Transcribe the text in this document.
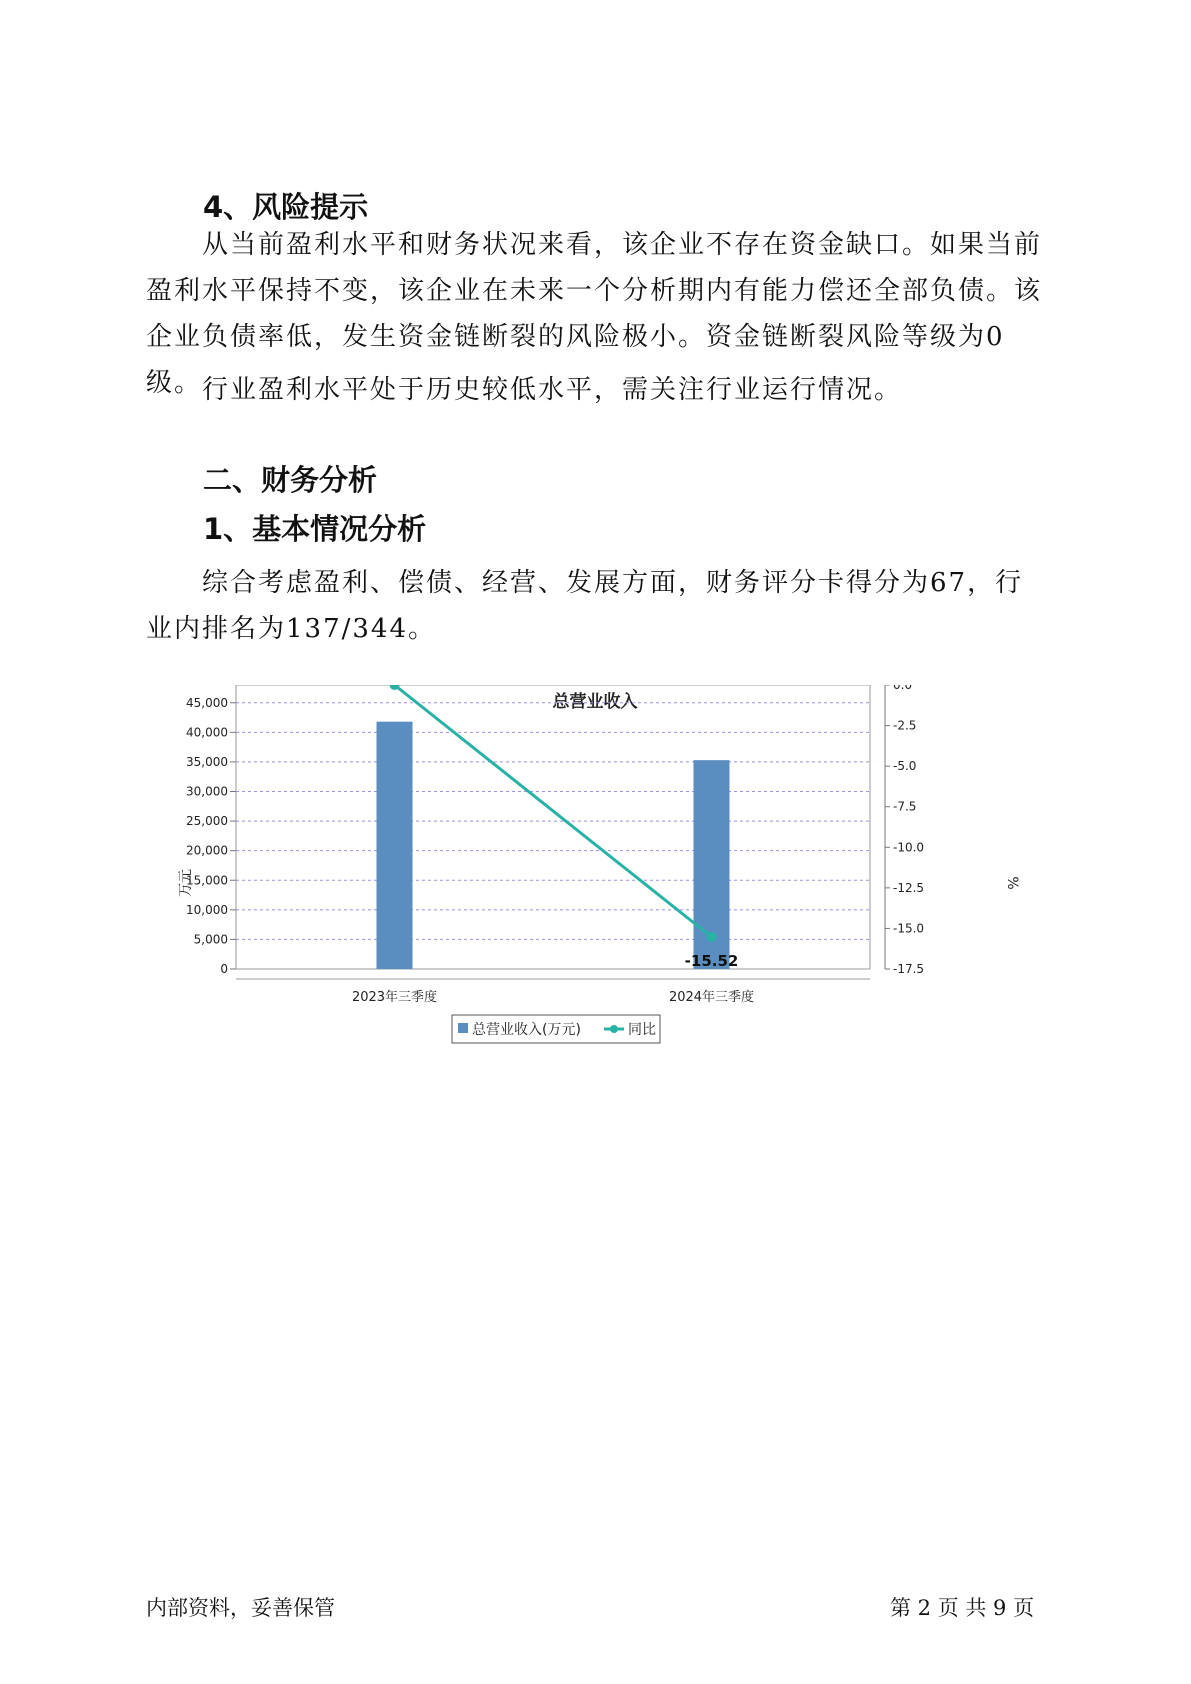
4、风险提示

从当前盈利水平和财务状况来看，该企业不存在资金缺口。如果当前盈利水平保持不变，该企业在未来一个分析期内有能力偿还全部负债。该企业负债率低，发生资金链断裂的风险极小。资金链断裂风险等级为0级。 行业盈利水平处于历史较低水平，需关注行业运行情况。

二、财务分析
1、基本情况分析

综合考虑盈利、偿债、经营、发展方面，财务评分卡得分为67，行业内排名为137/344。

总营业收入
0
5,000
10,000
15,000
20,000
25,000
30,000
35,000
40,000
45,000
0.0
-2.5
-5.0
-7.5
-10.0
-12.5
-15.0
-17.5
2023年三季度	2024年三季度
-15.52
万元	%
总营业收入(万元)	同比
内部资料，妥善保管	第 2 页 共 9 页
